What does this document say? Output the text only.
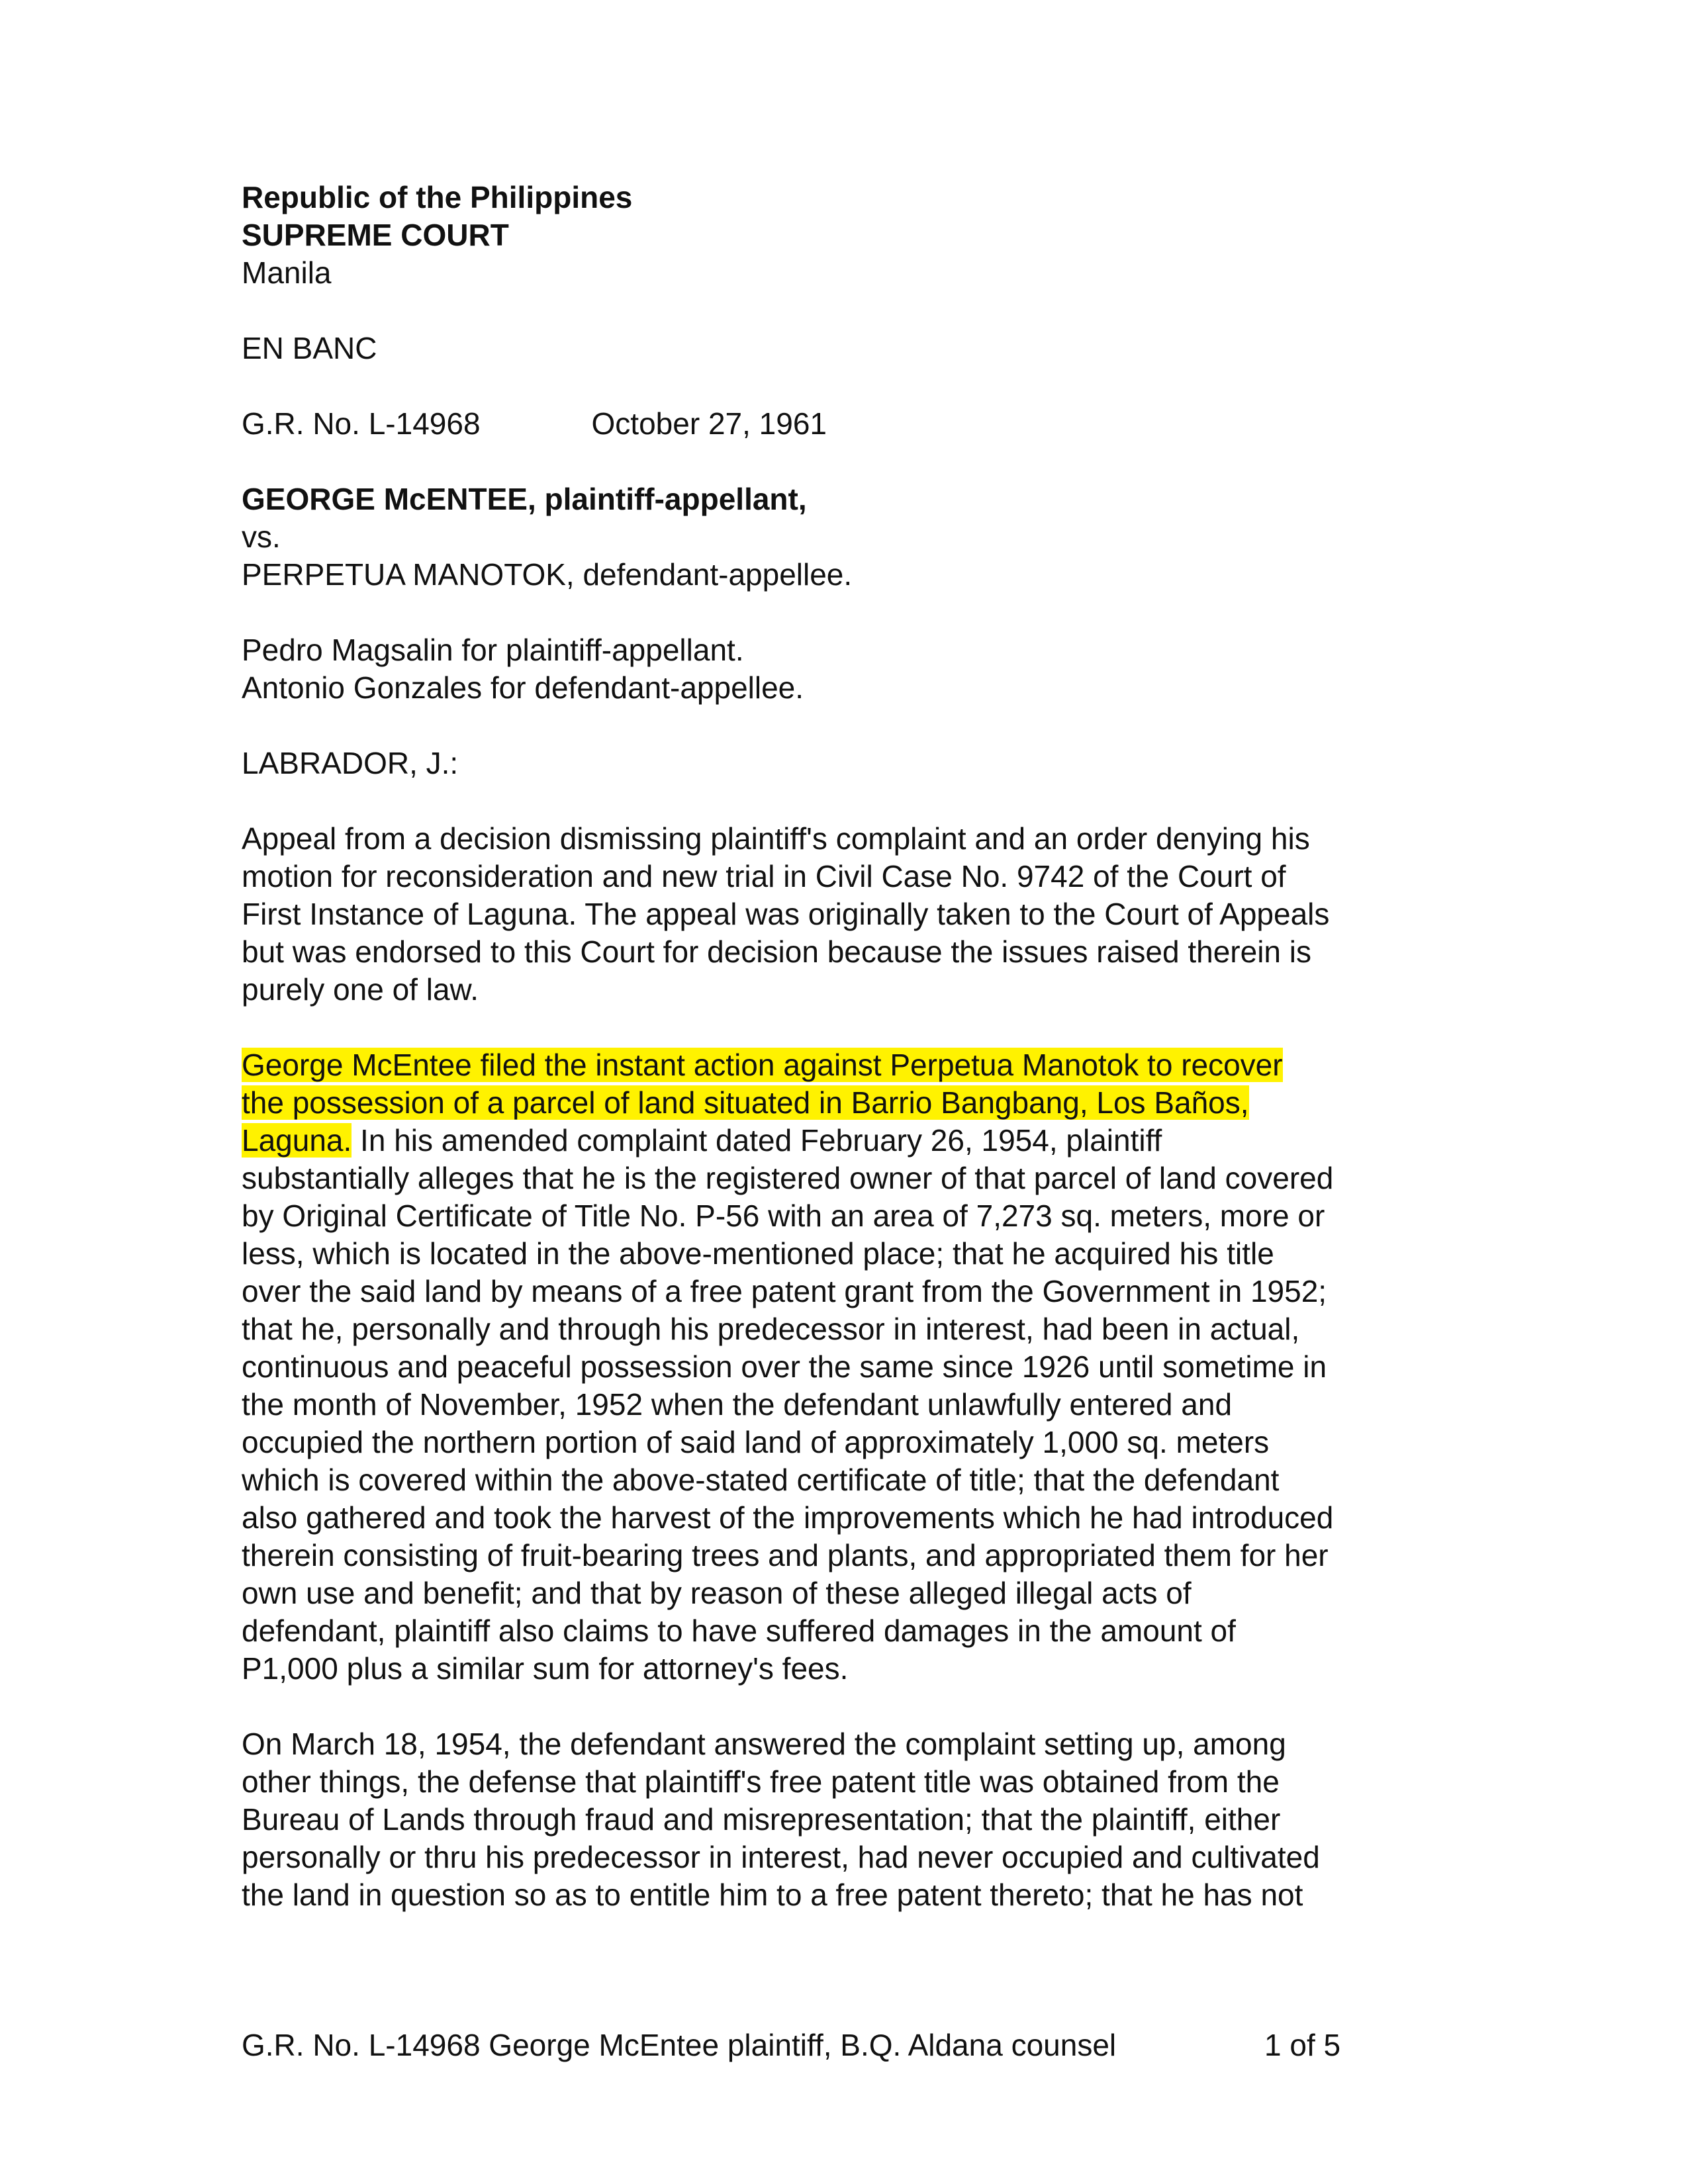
Republic of the Philippines

SUPREME COURT

Manila

EN BANC

G.R. No. L-14968	October 27, 1961

GEORGE McENTEE, plaintiff-appellant,

vs.

PERPETUA MANOTOK, defendant-appellee.

Pedro Magsalin for plaintiff-appellant.

Antonio Gonzales for defendant-appellee.

LABRADOR, J.:

Appeal from a decision dismissing plaintiff's complaint and an order denying his
motion for reconsideration and new trial in Civil Case No. 9742 of the Court of
First Instance of Laguna. The appeal was originally taken to the Court of Appeals
but was endorsed to this Court for decision because the issues raised therein is
purely one of law.
George McEntee filed the instant action against Perpetua Manotok to recover
the possession of a parcel of land situated in Barrio Bangbang, Los Baños,
Laguna. In his amended complaint dated February 26, 1954, plaintiff
substantially alleges that he is the registered owner of that parcel of land covered
by Original Certificate of Title No. P-56 with an area of 7,273 sq. meters, more or
less, which is located in the above-mentioned place; that he acquired his title
over the said land by means of a free patent grant from the Government in 1952;
that he, personally and through his predecessor in interest, had been in actual,
continuous and peaceful possession over the same since 1926 until sometime in
the month of November, 1952 when the defendant unlawfully entered and
occupied the northern portion of said land of approximately 1,000 sq. meters
which is covered within the above-stated certificate of title; that the defendant
also gathered and took the harvest of the improvements which he had introduced
therein consisting of fruit-bearing trees and plants, and appropriated them for her
own use and benefit; and that by reason of these alleged illegal acts of
defendant, plaintiff also claims to have suffered damages in the amount of
P1,000 plus a similar sum for attorney's fees.
On March 18, 1954, the defendant answered the complaint setting up, among
other things, the defense that plaintiff's free patent title was obtained from the
Bureau of Lands through fraud and misrepresentation; that the plaintiff, either
personally or thru his predecessor in interest, had never occupied and cultivated
the land in question so as to entitle him to a free patent thereto; that he has not
G.R. No. L-14968 George McEntee plaintiff, B.Q. Aldana counsel	1 of 5
